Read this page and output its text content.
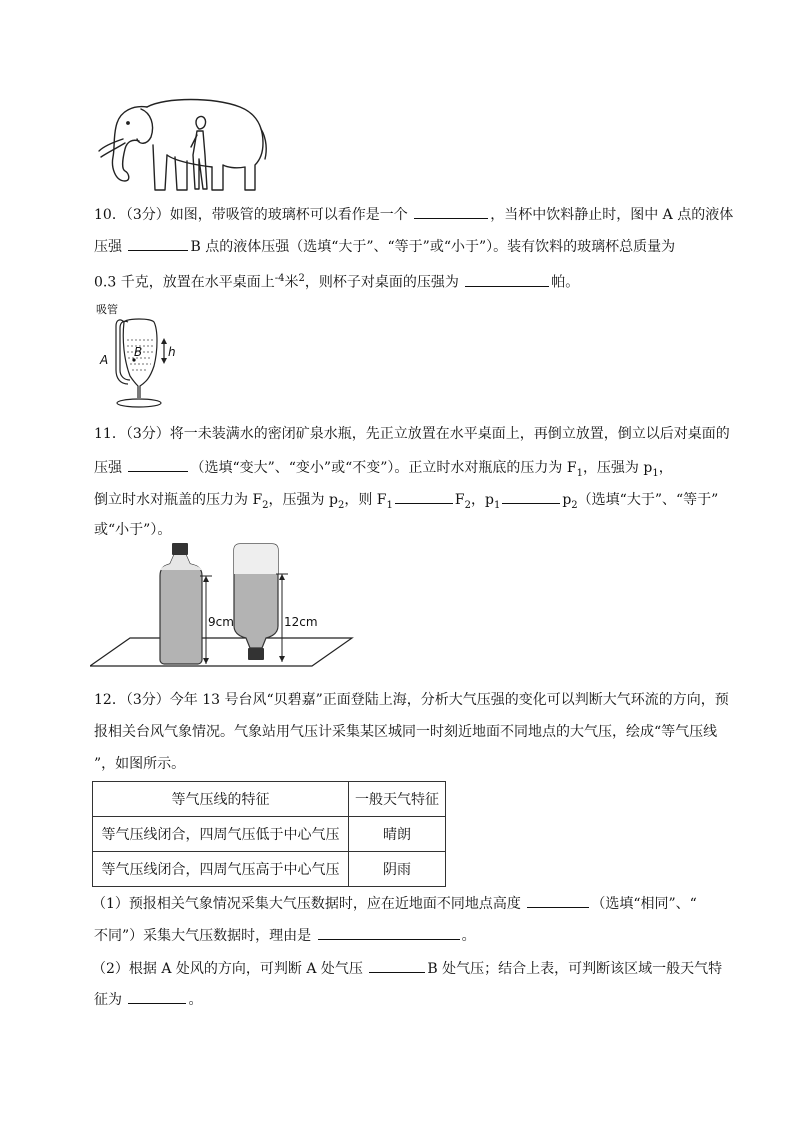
10．（3分）如图，带吸管的玻璃杯可以看作是一个	，当杯中饮料静止时，图中 A 点的液体
压强	B 点的液体压强（选填“大于”、“等于”或“小于”）。装有饮料的玻璃杯总质量为
0.3 千克，放置在水平桌面上$^{-4}$米$^2$，则杯子对桌面的压强为	帕。
吸管
A
B h
11．（3分）将一未装满水的密闭矿泉水瓶，先正立放置在水平桌面上，再倒立放置，倒立以后对桌面的
压强	（选填“变大”、“变小”或“不变”）。正立时水对瓶底的压力为 $F_1$，压强为 $p_1$，
倒立时水对瓶盖的压力为 $F_2$，压强为 $p_2$，则 $F_1$	$F_2$，$p_1$	$p_2$（选填“大于”、“等于”
或“小于”）。
9cm	12cm
12．（3分）今年 13 号台风“贝碧嘉”正面登陆上海，分析大气压强的变化可以判断大气环流的方向，预
报相关台风气象情况。气象站用气压计采集某区城同一时刻近地面不同地点的大气压，绘成“等气压线
”，如图所示。
等气压线的特征	一般天气特征
等气压线闭合，四周气压低于中心气压	晴朗
等气压线闭合，四周气压高于中心气压	阴雨
（1）预报相关气象情况采集大气压数据时，应在近地面不同地点高度	（选填“相同”、“
不同”）采集大气压数据时，理由是	。
（2）根据 A 处风的方向，可判断 A 处气压	B 处气压；结合上表，可判断该区域一般天气特
征为	。
